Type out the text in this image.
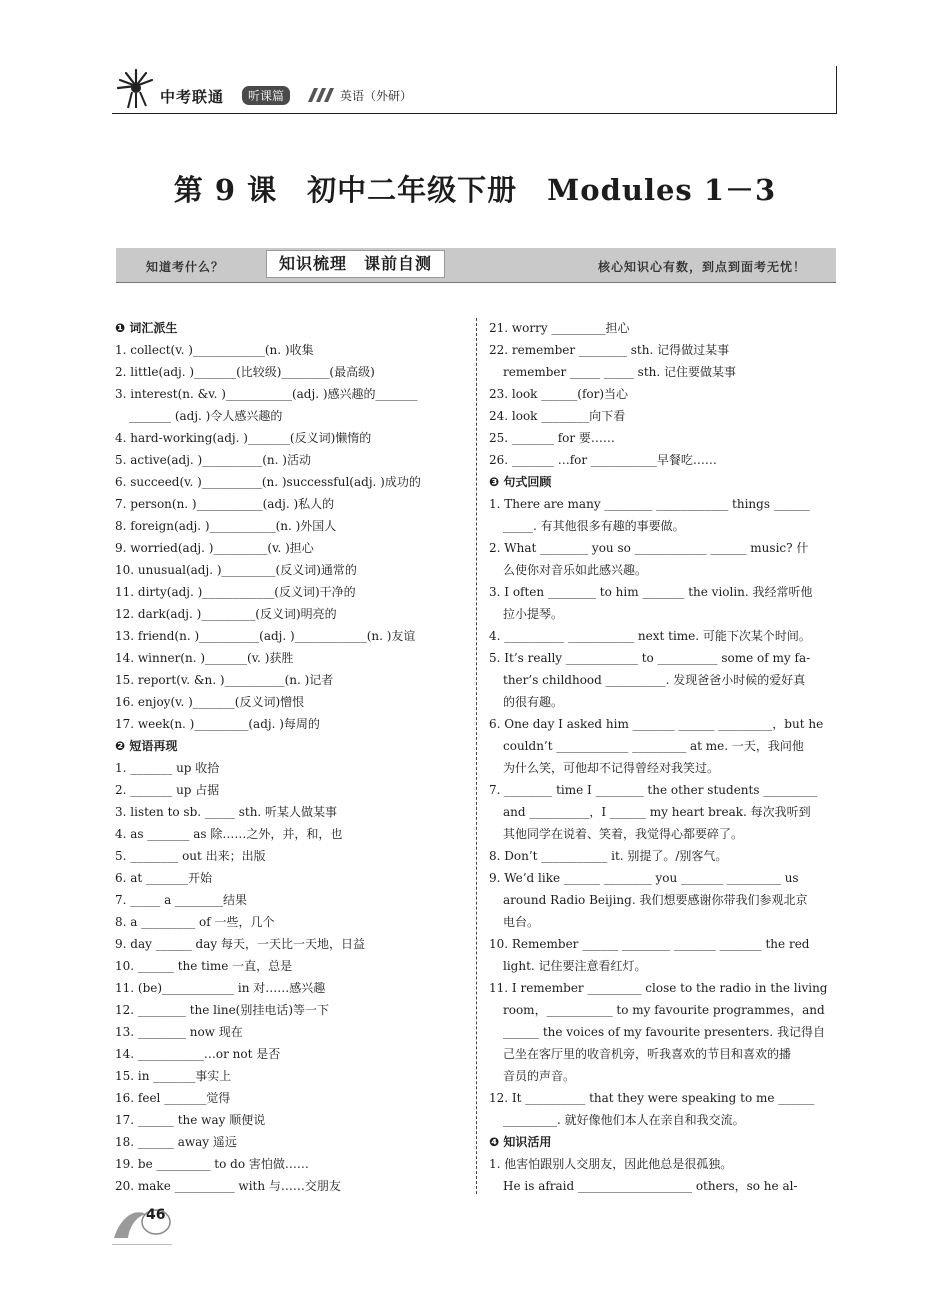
中考联通	听课篇	英语（外研）
第 9 课　初中二年级下册　Modules 1－3
知道考什么？	知识梳理　课前自测	核心知识心有数，到点到面考无忧！
❶ 词汇派生
1. collect(v. )____________(n. )收集
2. little(adj. )_______(比较级)________(最高级)
3. interest(n. &v. )___________(adj. )感兴趣的_______
_______ (adj. )令人感兴趣的
4. hard-working(adj. )_______(反义词)懒惰的
5. active(adj. )__________(n. )活动
6. succeed(v. )__________(n. )successful(adj. )成功的
7. person(n. )___________(adj. )私人的
8. foreign(adj. )___________(n. )外国人
9. worried(adj. )_________(v. )担心
10. unusual(adj. )_________(反义词)通常的
11. dirty(adj. )____________(反义词)干净的
12. dark(adj. )_________(反义词)明亮的
13. friend(n. )__________(adj. )____________(n. )友谊
14. winner(n. )_______(v. )获胜
15. report(v. &n. )__________(n. )记者
16. enjoy(v. )_______(反义词)憎恨
17. week(n. )_________(adj. )每周的
❷ 短语再现
1. _______ up 收拾
2. _______ up 占据
3. listen to sb. _____ sth. 听某人做某事
4. as _______ as 除……之外，并，和，也
5. ________ out 出来；出版
6. at _______开始
7. _____ a ________结果
8. a _________ of 一些，几个
9. day ______ day 每天，一天比一天地，日益
10. ______ the time 一直，总是
11. (be)____________ in 对……感兴趣
12. ________ the line(别挂电话)等一下
13. ________ now 现在
14. ___________…or not 是否
15. in _______事实上
16. feel _______觉得
17. ______ the way 顺便说
18. ______ away 遥远
19. be _________ to do 害怕做……
20. make __________ with 与……交朋友
21. worry _________担心
22. remember ________ sth. 记得做过某事
remember _____ _____ sth. 记住要做某事
23. look ______(for)当心
24. look ________向下看
25. _______ for 要……
26. _______ …for ___________早餐吃……
❸ 句式回顾
1. There are many ________ ____________ things ______
_____. 有其他很多有趣的事要做。
2. What ________ you so ____________ ______ music? 什
么使你对音乐如此感兴趣。
3. I often ________ to him _______ the violin. 我经常听他
拉小提琴。
4. __________ ___________ next time. 可能下次某个时间。
5. It’s really ____________ to __________ some of my fa-
ther’s childhood __________. 发现爸爸小时候的爱好真
的很有趣。
6. One day I asked him _______ ______ _________，but he
couldn’t ____________ _________ at me. 一天，我问他
为什么笑，可他却不记得曾经对我笑过。
7. ________ time I ________ the other students _________
and __________，I ______ my heart break. 每次我听到
其他同学在说着、笑着，我觉得心都要碎了。
8. Don’t ___________ it. 别提了。/别客气。
9. We’d like ______ ________ you _______ _________ us
around Radio Beijing. 我们想要感谢你带我们参观北京
电台。
10. Remember ______ ________ _______ _______ the red
light. 记住要注意看红灯。
11. I remember _________ close to the radio in the living
room，___________ to my favourite programmes，and
______ the voices of my favourite presenters. 我记得自
己坐在客厅里的收音机旁，听我喜欢的节目和喜欢的播
音员的声音。
12. It __________ that they were speaking to me ______
_________. 就好像他们本人在亲自和我交流。
❹ 知识活用
1. 他害怕跟别人交朋友，因此他总是很孤独。
He is afraid ___________________ others，so he al-
46
